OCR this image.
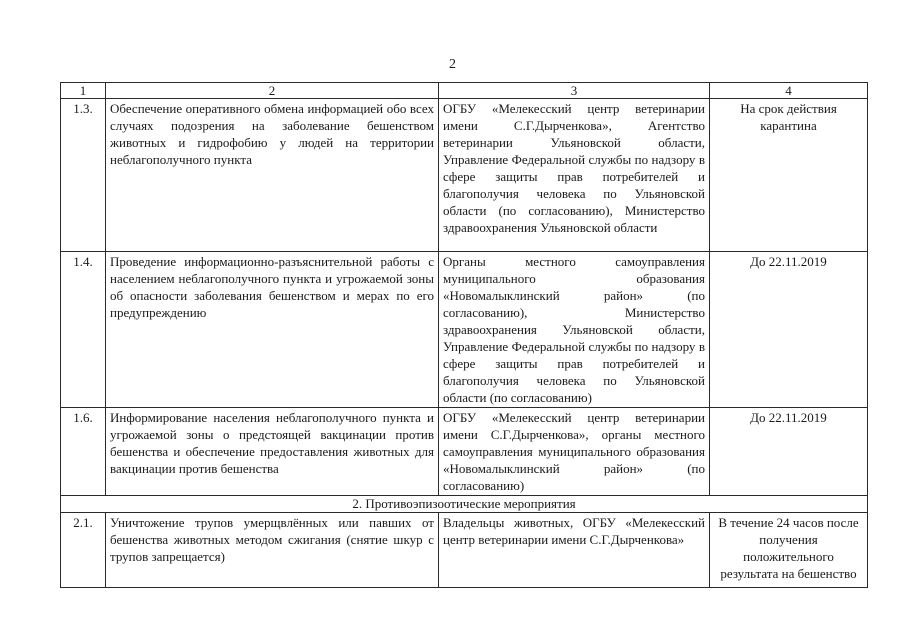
2
1	2	3	4
1.3.	Обеспечение оперативного обмена информацией обо всех случаях подозрения на заболевание бешенством животных и гидрофобию у людей на территории неблагополучного пункта	ОГБУ «Мелекесский центр ветеринарии имени С.Г.Дырченкова», Агентство ветеринарии Ульяновской области, Управление Федеральной службы по надзору в сфере защиты прав потребителей и благополучия человека по Ульяновской области (по согласованию), Министерство здравоохранения Ульяновской области	На срок действия карантина
1.4.	Проведение информационно-разъяснительной работы с населением неблагополучного пункта и угрожаемой зоны об опасности заболевания бешенством и мерах по его предупреждению	Органы местного самоуправления муниципального образования «Новомалыклинский район» (по согласованию), Министерство здравоохранения Ульяновской области, Управление Федеральной службы по надзору в сфере защиты прав потребителей и благополучия человека по Ульяновской области (по согласованию)	До 22.11.2019
1.6.	Информирование населения неблагополучного пункта и угрожаемой зоны о предстоящей вакцинации против бешенства и обеспечение предоставления животных для вакцинации против бешенства	ОГБУ «Мелекесский центр ветеринарии имени С.Г.Дырченкова», органы местного самоуправления муниципального образования «Новомалыклинский район» (по согласованию)	До 22.11.2019
2. Противоэпизоотические мероприятия			
2.1.	Уничтожение трупов умерщвлённых или павших от бешенства животных методом сжигания (снятие шкур с трупов запрещается)	Владельцы животных, ОГБУ «Мелекесский центр ветеринарии имени С.Г.Дырченкова»	В течение 24 часов после получения положительного результата на бешенство
